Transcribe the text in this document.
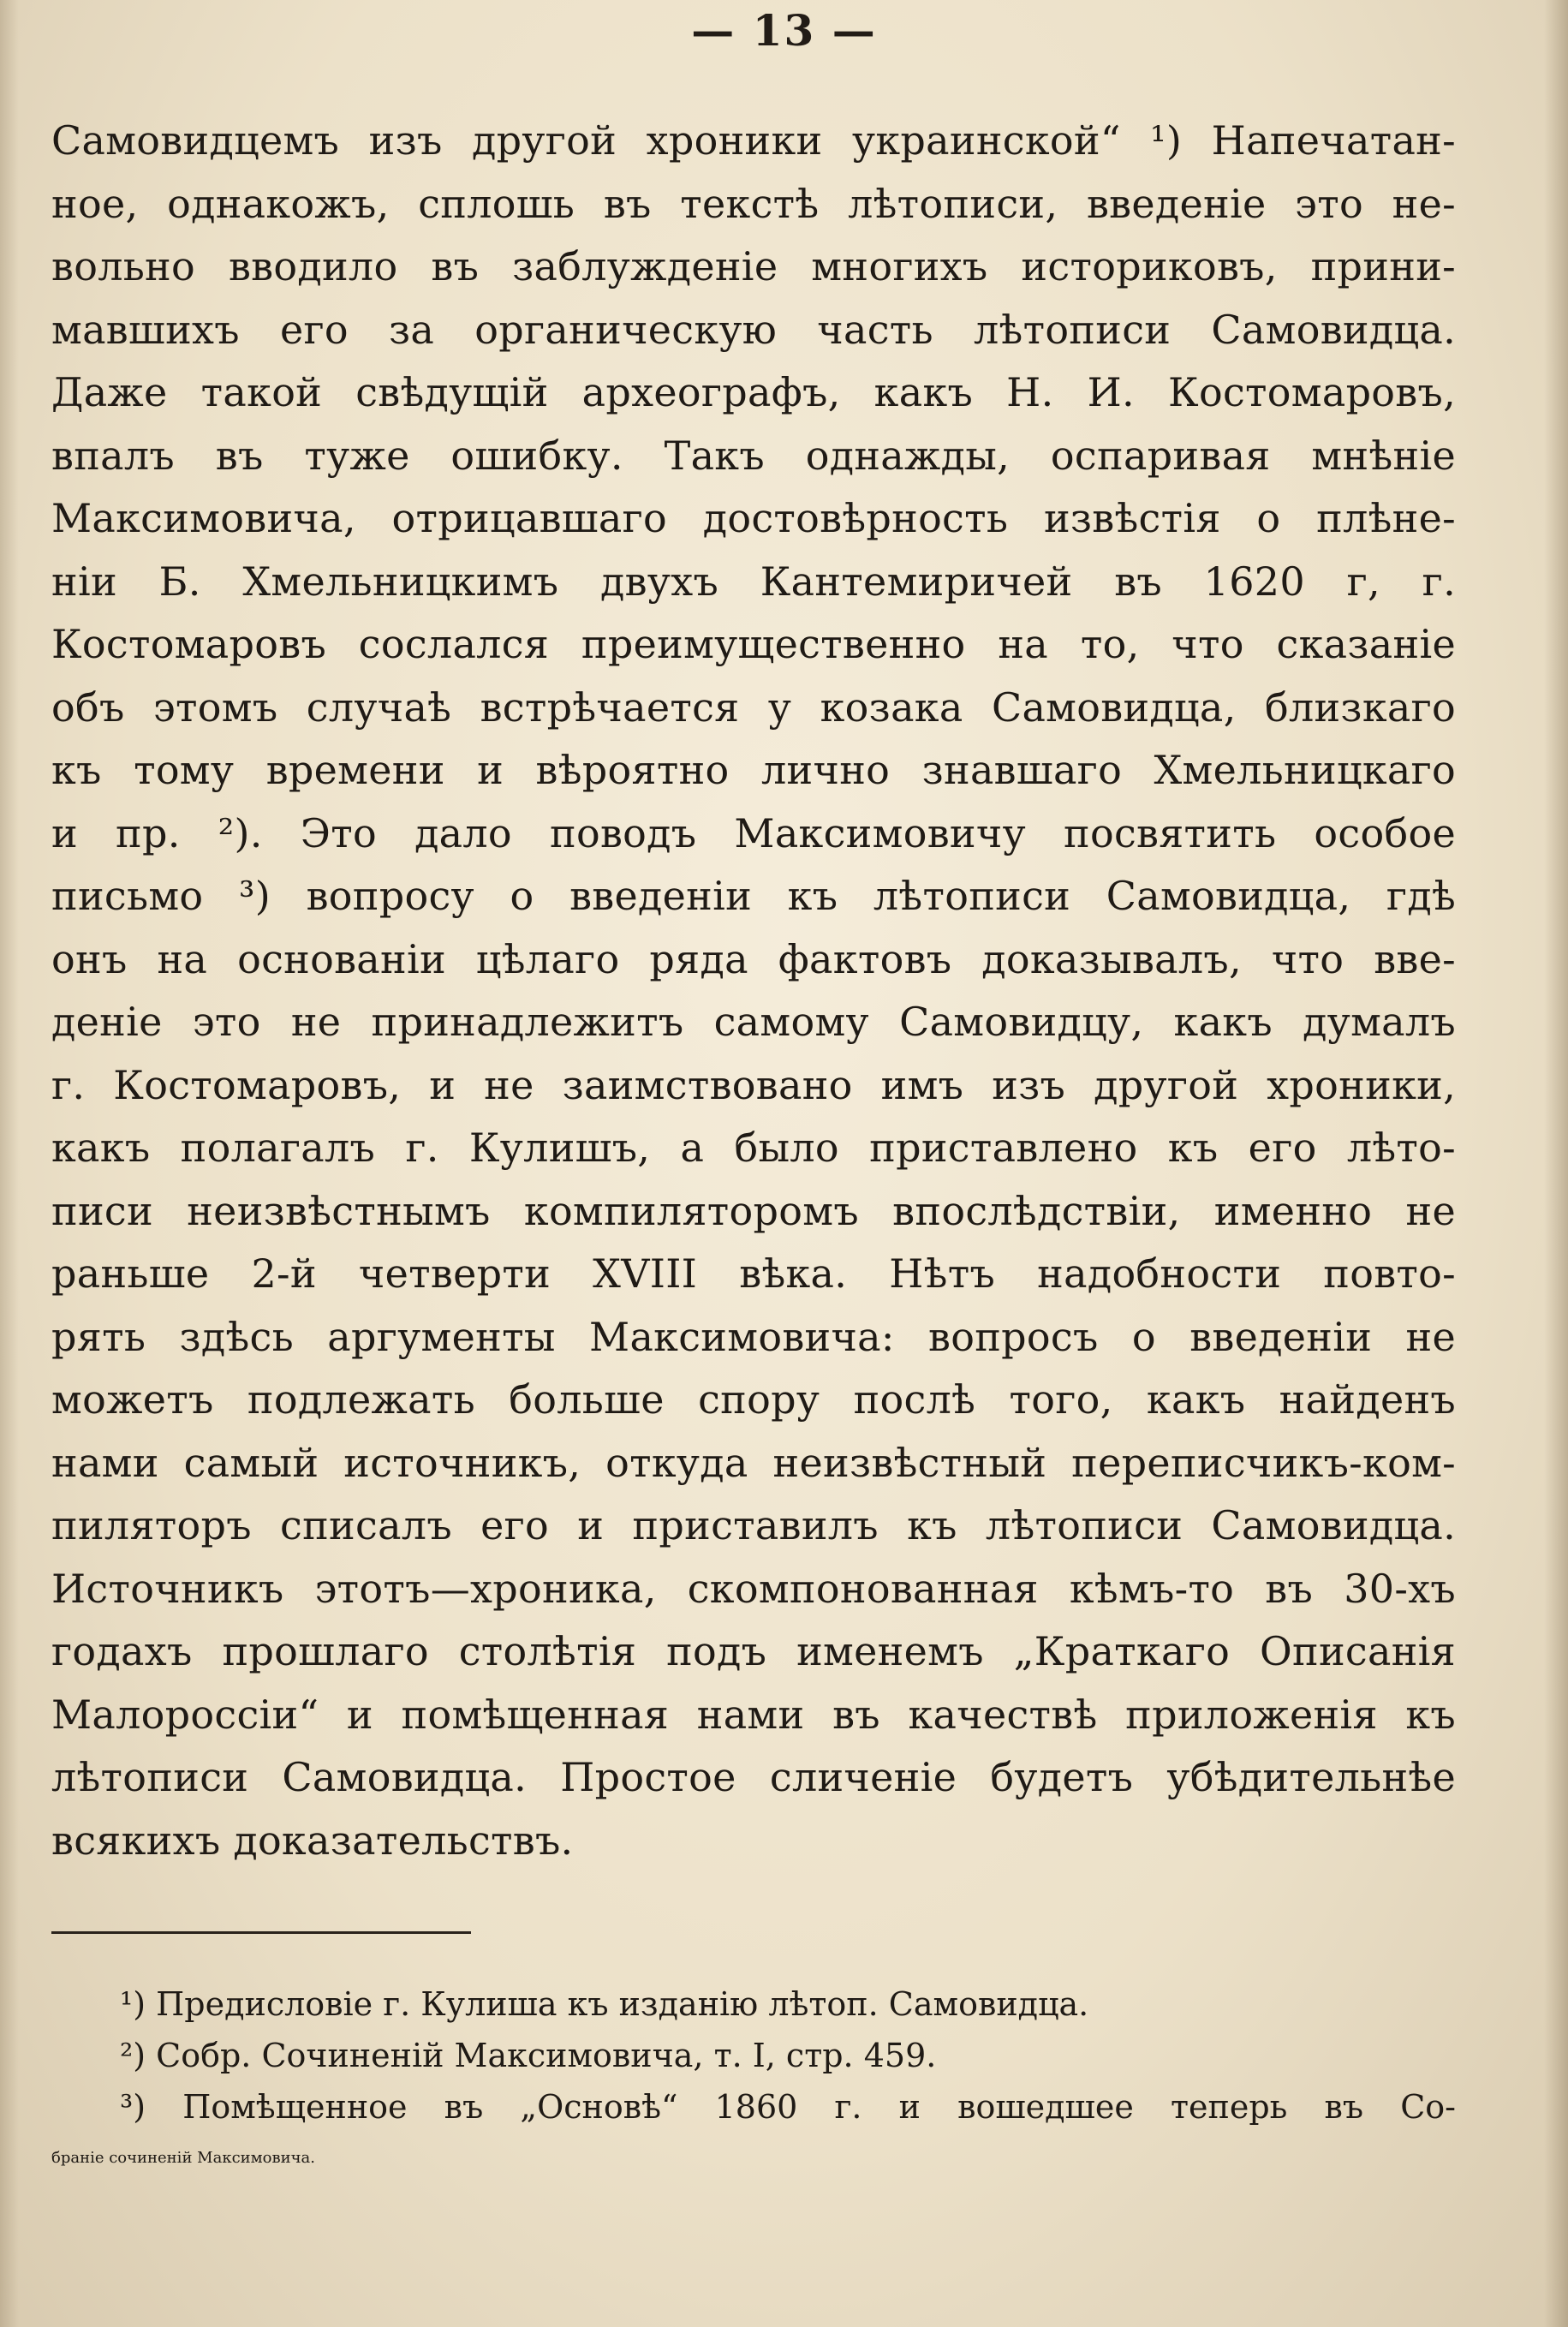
— 13 —
Самовидцемъ изъ другой хроники украинской“ ¹) Напечатан-
ное, однакожъ, сплошь въ текстѣ лѣтописи, введеніе это не-
вольно вводило въ заблужденіе многихъ историковъ, прини-
мавшихъ его за органическую часть лѣтописи Самовидца.
Даже такой свѣдущій археографъ, какъ Н. И. Костомаровъ,
впалъ въ туже ошибку. Такъ однажды, оспаривая мнѣніе
Максимовича, отрицавшаго достовѣрность извѣстія о плѣне-
ніи Б. Хмельницкимъ двухъ Кантемиричей въ 1620 г, г.
Костомаровъ сослался преимущественно на то, что сказаніе
объ этомъ случаѣ встрѣчается у козака Самовидца, близкаго
къ тому времени и вѣроятно лично знавшаго Хмельницкаго
и пр. ²). Это дало поводъ Максимовичу посвятить особое
письмо ³) вопросу о введеніи къ лѣтописи Самовидца, гдѣ
онъ на основаніи цѣлаго ряда фактовъ доказывалъ, что вве-
деніе это не принадлежитъ самому Самовидцу, какъ думалъ
г. Костомаровъ, и не заимствовано имъ изъ другой хроники,
какъ полагалъ г. Кулишъ, а было приставлено къ его лѣто-
писи неизвѣстнымъ компиляторомъ впослѣдствіи, именно не
раньше 2-й четверти XVIII вѣка. Нѣтъ надобности повто-
рять здѣсь аргументы Максимовича: вопросъ о введеніи не
можетъ подлежать больше спору послѣ того, какъ найденъ
нами самый источникъ, откуда неизвѣстный переписчикъ-ком-
пиляторъ списалъ его и приставилъ къ лѣтописи Самовидца.
Источникъ этотъ—хроника, скомпонованная кѣмъ-то въ 30-хъ
годахъ прошлаго столѣтія подъ именемъ „Краткаго Описанія
Малороссіи“ и помѣщенная нами въ качествѣ приложенія къ
лѣтописи Самовидца. Простое сличеніе будетъ убѣдительнѣе
всякихъ доказательствъ.
¹) Предисловіе г. Кулиша къ изданію лѣтоп. Самовидца.
²) Собр. Сочиненій Максимовича, т. I, стр. 459.
³) Помѣщенное въ „Основѣ“ 1860 г. и вошедшее теперь въ Со-
браніе сочиненій Максимовича.
